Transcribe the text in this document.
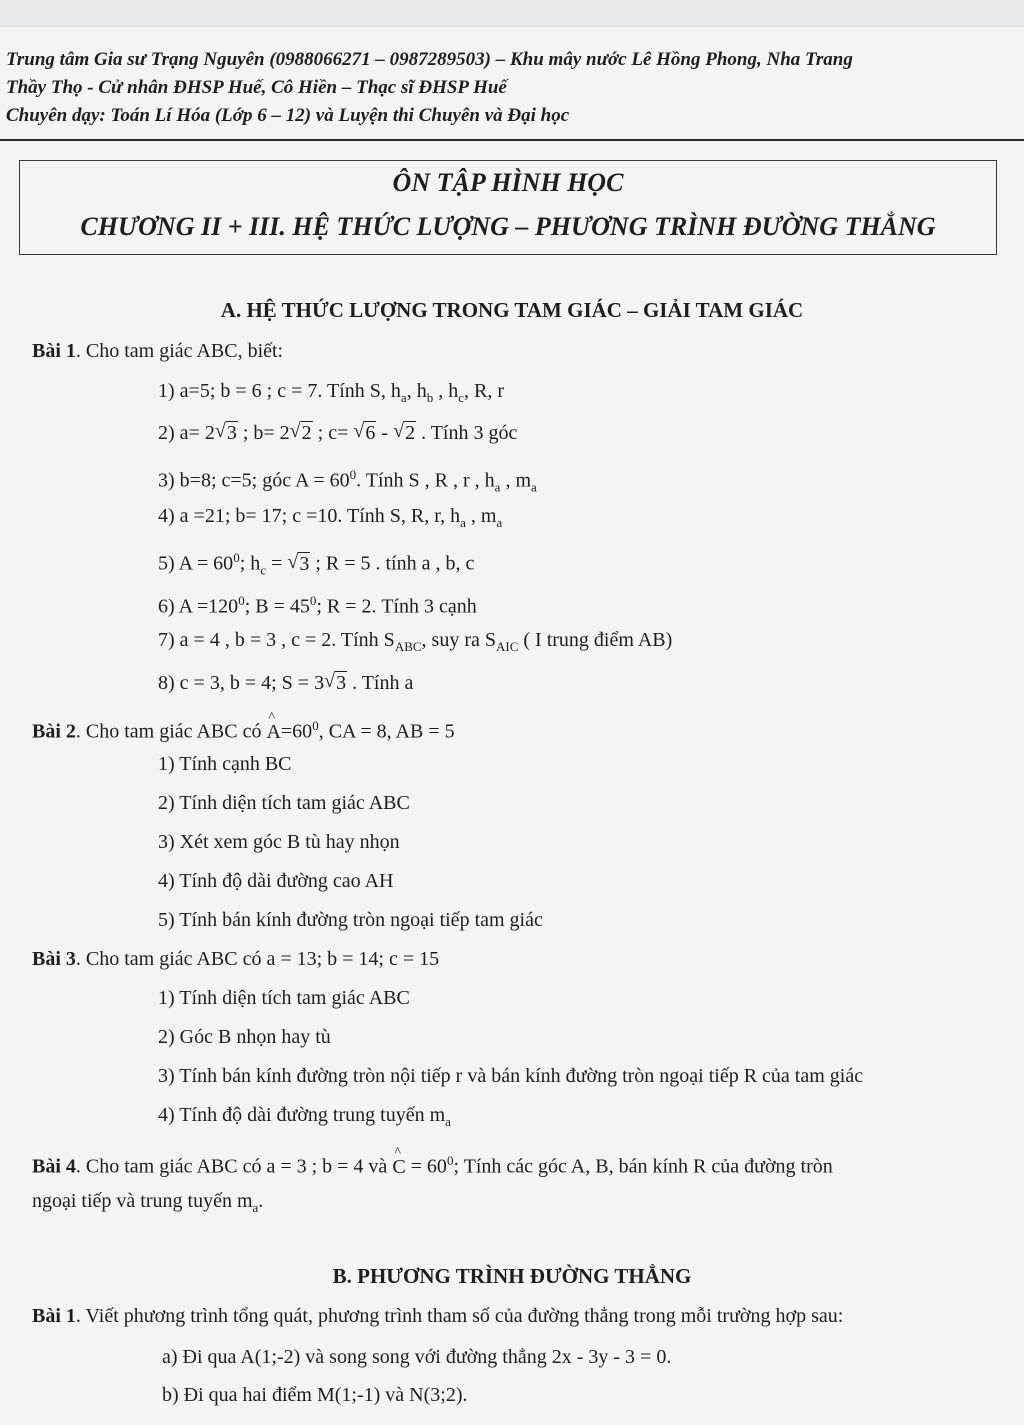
Trung tâm Gia sư Trạng Nguyên (0988066271 – 0987289503) – Khu mây nước Lê Hồng Phong, Nha Trang
Thầy Thọ - Cử nhân ĐHSP Huế, Cô Hiền – Thạc sĩ ĐHSP Huế
Chuyên dạy: Toán Lí Hóa (Lớp 6 – 12) và Luyện thi Chuyên và Đại học
ÔN TẬP HÌNH HỌC
CHƯƠNG II + III. HỆ THỨC LƯỢNG – PHƯƠNG TRÌNH ĐƯỜNG THẲNG
A. HỆ THỨC LƯỢNG TRONG TAM GIÁC – GIẢI TAM GIÁC
Bài 1. Cho tam giác ABC, biết:
1) a=5; b = 6 ; c = 7. Tính S, $h_a$, $h_b$ , $h_c$, R, r
2) a= 2 √ 3 ; b= 2 √ 2 ; c= √ 6 - √ 2 . Tính 3 góc
3) b=8; c=5; góc $A = 60^0$. Tính S , R , r , $h_a$ , $m_a$
4) a =21; b= 17; c =10. Tính S, R, r, $h_a$ , $m_a$
5) $A = 60^0$; $h_c$ = √ 3 ; R = 5 . tính a , b, c
6) $A =120^0$; $B = 45^0$; R = 2. Tính 3 cạnh
7) a = 4 , b = 3 , c = 2. Tính $S_{ABC}$, suy ra $S_{AIC}$ ( I trung điểm AB)
8) c = 3, b = 4; S = 3 √ 3 . Tính a
Bài 2. Cho tam giác ABC có ^ $A=60^0$, CA = 8, AB = 5
1) Tính cạnh BC
2) Tính diện tích tam giác ABC
3) Xét xem góc B tù hay nhọn
4) Tính độ dài đường cao AH
5) Tính bán kính đường tròn ngoại tiếp tam giác
Bài 3. Cho tam giác ABC có a = 13; b = 14; c = 15
1) Tính diện tích tam giác ABC
2) Góc B nhọn hay tù
3) Tính bán kính đường tròn nội tiếp r và bán kính đường tròn ngoại tiếp R của tam giác
4) Tính độ dài đường trung tuyến $m_a$
Bài 4. Cho tam giác ABC có a = 3 ; b = 4 và ^ $C = 60^0$; Tính các góc A, B, bán kính R của đường tròn
ngoại tiếp và trung tuyến $m_a$.
B. PHƯƠNG TRÌNH ĐƯỜNG THẲNG
Bài 1. Viết phương trình tổng quát, phương trình tham số của đường thẳng trong mỗi trường hợp sau:
a) Đi qua A(1;-2) và song song với đường thẳng 2x - 3y - 3 = 0.
b) Đi qua hai điểm M(1;-1) và N(3;2).
